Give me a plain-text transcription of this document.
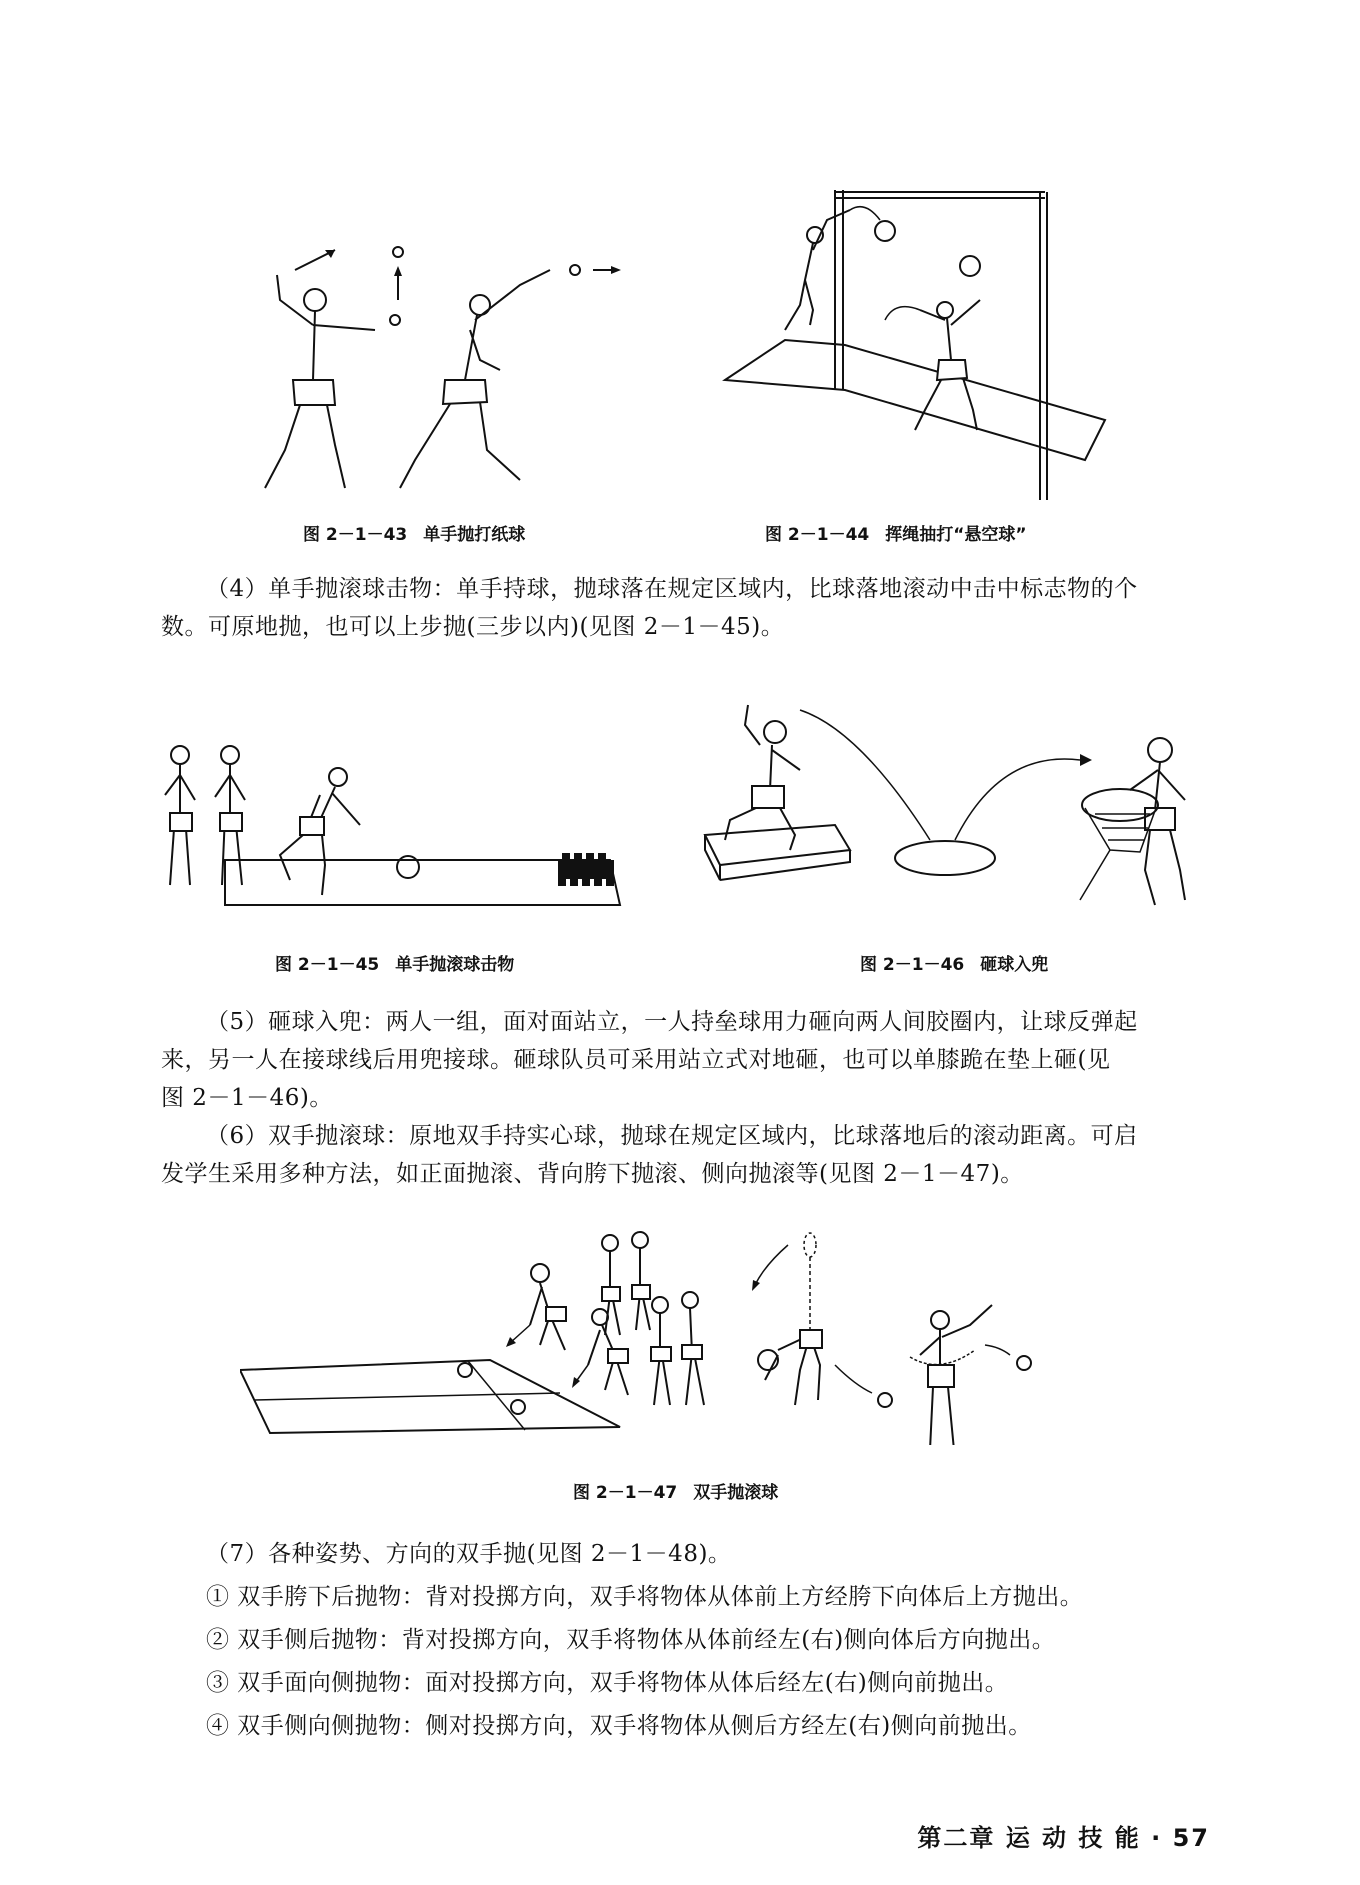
图 2－1－43 单手抛打纸球	图 2－1－44 挥绳抽打“悬空球”

（4）单手抛滚球击物：单手持球，抛球落在规定区域内，比球落地滚动中击中标志物的个

数。可原地抛，也可以上步抛(三步以内)(见图 2－1－45)。

图 2－1－45 单手抛滚球击物	图 2－1－46 砸球入兜

（5）砸球入兜：两人一组，面对面站立，一人持垒球用力砸向两人间胶圈内，让球反弹起

来，另一人在接球线后用兜接球。砸球队员可采用站立式对地砸，也可以单膝跪在垫上砸(见

图 2－1－46)。

（6）双手抛滚球：原地双手持实心球，抛球在规定区域内，比球落地后的滚动距离。可启

发学生采用多种方法，如正面抛滚、背向胯下抛滚、侧向抛滚等(见图 2－1－47)。

图 2－1－47 双手抛滚球
（7）各种姿势、方向的双手抛(见图 2－1－48)。
① 双手胯下后抛物：背对投掷方向，双手将物体从体前上方经胯下向体后上方抛出。
② 双手侧后抛物：背对投掷方向，双手将物体从体前经左(右)侧向体后方向抛出。
③ 双手面向侧抛物：面对投掷方向，双手将物体从体后经左(右)侧向前抛出。
④ 双手侧向侧抛物：侧对投掷方向，双手将物体从侧后方经左(右)侧向前抛出。
第二章 运 动 技 能 · 57
